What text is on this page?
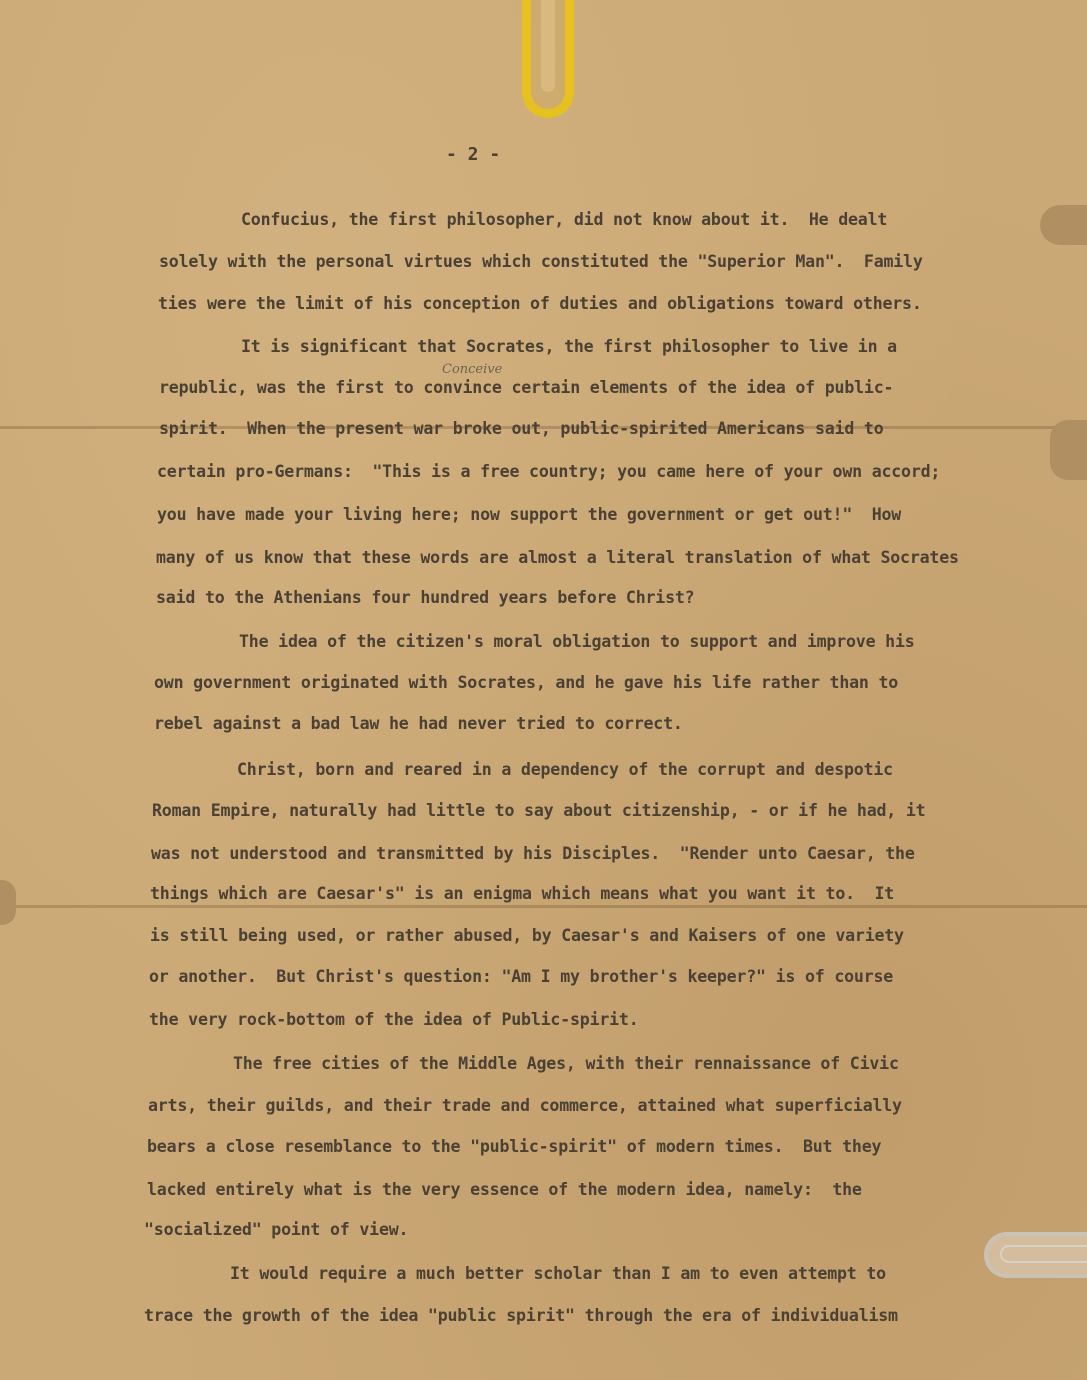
- 2 -

Conceive

Confucius, the first philosopher, did not know about it.  He dealt

solely with the personal virtues which constituted the "Superior Man".  Family

ties were the limit of his conception of duties and obligations toward others.

It is significant that Socrates, the first philosopher to live in a

republic, was the first to convince certain elements of the idea of public-

spirit.  When the present war broke out, public-spirited Americans said to

certain pro-Germans:  "This is a free country; you came here of your own accord;

you have made your living here; now support the government or get out!"  How

many of us know that these words are almost a literal translation of what Socrates

said to the Athenians four hundred years before Christ?

The idea of the citizen's moral obligation to support and improve his

own government originated with Socrates, and he gave his life rather than to

rebel against a bad law he had never tried to correct.

Christ, born and reared in a dependency of the corrupt and despotic

Roman Empire, naturally had little to say about citizenship, - or if he had, it

was not understood and transmitted by his Disciples.  "Render unto Caesar, the

things which are Caesar's" is an enigma which means what you want it to.  It

is still being used, or rather abused, by Caesar's and Kaisers of one variety

or another.  But Christ's question: "Am I my brother's keeper?" is of course

the very rock-bottom of the idea of Public-spirit.

The free cities of the Middle Ages, with their rennaissance of Civic

arts, their guilds, and their trade and commerce, attained what superficially

bears a close resemblance to the "public-spirit" of modern times.  But they

lacked entirely what is the very essence of the modern idea, namely:  the

"socialized" point of view.

It would require a much better scholar than I am to even attempt to

trace the growth of the idea "public spirit" through the era of individualism
